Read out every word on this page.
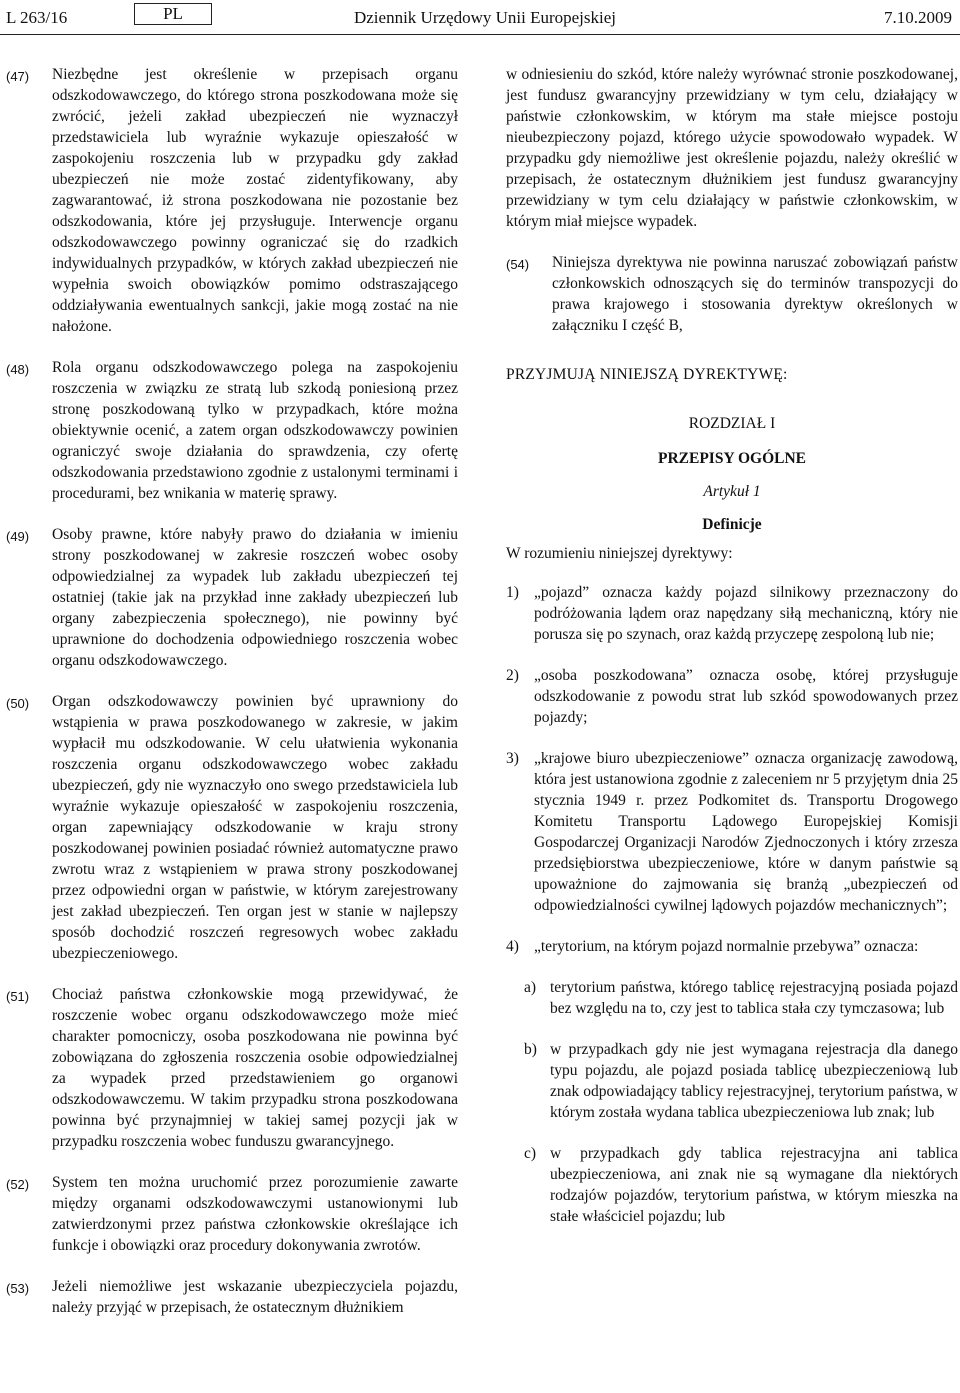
L 263/16	PL	Dziennik Urzędowy Unii Europejskiej	7.10.2009
(47)	Niezbędne jest określenie w przepisach organu odszkodowawczego, do którego strona poszkodowana może się zwrócić, jeżeli zakład ubezpieczeń nie wyznaczył przedstawiciela lub wyraźnie wykazuje opieszałość w zaspokojeniu roszczenia lub w przypadku gdy zakład ubezpieczeń nie może zostać zidentyfikowany, aby zagwarantować, iż strona poszkodowana nie pozostanie bez odszkodowania, które jej przysługuje. Interwencje organu odszkodowawczego powinny ograniczać się do rzadkich indywidualnych przypadków, w których zakład ubezpieczeń nie wypełnia swoich obowiązków pomimo odstraszającego oddziaływania ewentualnych sankcji, jakie mogą zostać na nie nałożone.
(48)	Rola organu odszkodowawczego polega na zaspokojeniu roszczenia w związku ze stratą lub szkodą poniesioną przez stronę poszkodowaną tylko w przypadkach, które można obiektywnie ocenić, a zatem organ odszkodowawczy powinien ograniczyć swoje działania do sprawdzenia, czy ofertę odszkodowania przedstawiono zgodnie z ustalonymi terminami i procedurami, bez wnikania w materię sprawy.
(49)	Osoby prawne, które nabyły prawo do działania w imieniu strony poszkodowanej w zakresie roszczeń wobec osoby odpowiedzialnej za wypadek lub zakładu ubezpieczeń tej ostatniej (takie jak na przykład inne zakłady ubezpieczeń lub organy zabezpieczenia społecznego), nie powinny być uprawnione do dochodzenia odpowiedniego roszczenia wobec organu odszkodowawczego.
(50)	Organ odszkodowawczy powinien być uprawniony do wstąpienia w prawa poszkodowanego w zakresie, w jakim wypłacił mu odszkodowanie. W celu ułatwienia wykonania roszczenia organu odszkodowawczego wobec zakładu ubezpieczeń, gdy nie wyznaczyło ono swego przedstawiciela lub wyraźnie wykazuje opieszałość w zaspokojeniu roszczenia, organ zapewniający odszkodowanie w kraju strony poszkodowanej powinien posiadać również automatyczne prawo zwrotu wraz z wstąpieniem w prawa strony poszkodowanej przez odpowiedni organ w państwie, w którym zarejestrowany jest zakład ubezpieczeń. Ten organ jest w stanie w najlepszy sposób dochodzić roszczeń regresowych wobec zakładu ubezpieczeniowego.
(51)	Chociaż państwa członkowskie mogą przewidywać, że roszczenie wobec organu odszkodowawczego może mieć charakter pomocniczy, osoba poszkodowana nie powinna być zobowiązana do zgłoszenia roszczenia osobie odpowiedzialnej za wypadek przed przedstawieniem go organowi odszkodowawczemu. W takim przypadku strona poszkodowana powinna być przynajmniej w takiej samej pozycji jak w przypadku roszczenia wobec funduszu gwarancyjnego.
(52)	System ten można uruchomić przez porozumienie zawarte między organami odszkodowawczymi ustanowionymi lub zatwierdzonymi przez państwa członkowskie określające ich funkcje i obowiązki oraz procedury dokonywania zwrotów.
(53)	Jeżeli niemożliwe jest wskazanie ubezpieczyciela pojazdu, należy przyjąć w przepisach, że ostatecznym dłużnikiem

w odniesieniu do szkód, które należy wyrównać stronie poszkodowanej, jest fundusz gwarancyjny przewidziany w tym celu, działający w państwie członkowskim, w którym ma stałe miejsce postoju nieubezpieczony pojazd, którego użycie spowodowało wypadek. W przypadku gdy niemożliwe jest określenie pojazdu, należy określić w przepisach, że ostatecznym dłużnikiem jest fundusz gwarancyjny przewidziany w tym celu działający w państwie członkowskim, w którym miał miejsce wypadek.

(54)	Niniejsza dyrektywa nie powinna naruszać zobowiązań państw członkowskich odnoszących się do terminów transpozycji do prawa krajowego i stosowania dyrektyw określonych w załączniku I część B,
PRZYJMUJĄ NINIEJSZĄ DYREKTYWĘ:
ROZDZIAŁ I
PRZEPISY OGÓLNE
Artykuł 1
Definicje
W rozumieniu niniejszej dyrektywy:
1) „pojazd” oznacza każdy pojazd silnikowy przeznaczony do podróżowania lądem oraz napędzany siłą mechaniczną, który nie porusza się po szynach, oraz każdą przyczepę zespoloną lub nie;
2) „osoba poszkodowana” oznacza osobę, której przysługuje odszkodowanie z powodu strat lub szkód spowodowanych przez pojazdy;
3) „krajowe biuro ubezpieczeniowe” oznacza organizację zawodową, która jest ustanowiona zgodnie z zaleceniem nr 5 przyjętym dnia 25 stycznia 1949 r. przez Podkomitet ds. Transportu Drogowego Komitetu Transportu Lądowego Europejskiej Komisji Gospodarczej Organizacji Narodów Zjednoczonych i który zrzesza przedsiębiorstwa ubezpieczeniowe, które w danym państwie są upoważnione do zajmowania się branżą „ubezpieczeń od odpowiedzialności cywilnej lądowych pojazdów mechanicznych”;
4) „terytorium, na którym pojazd normalnie przebywa” oznacza:
a) terytorium państwa, którego tablicę rejestracyjną posiada pojazd bez względu na to, czy jest to tablica stała czy tymczasowa; lub
b) w przypadkach gdy nie jest wymagana rejestracja dla danego typu pojazdu, ale pojazd posiada tablicę ubezpieczeniową lub znak odpowiadający tablicy rejestracyjnej, terytorium państwa, w którym została wydana tablica ubezpieczeniowa lub znak; lub
c) w przypadkach gdy tablica rejestracyjna ani tablica ubezpieczeniowa, ani znak nie są wymagane dla niektórych rodzajów pojazdów, terytorium państwa, w którym mieszka na stałe właściciel pojazdu; lub
